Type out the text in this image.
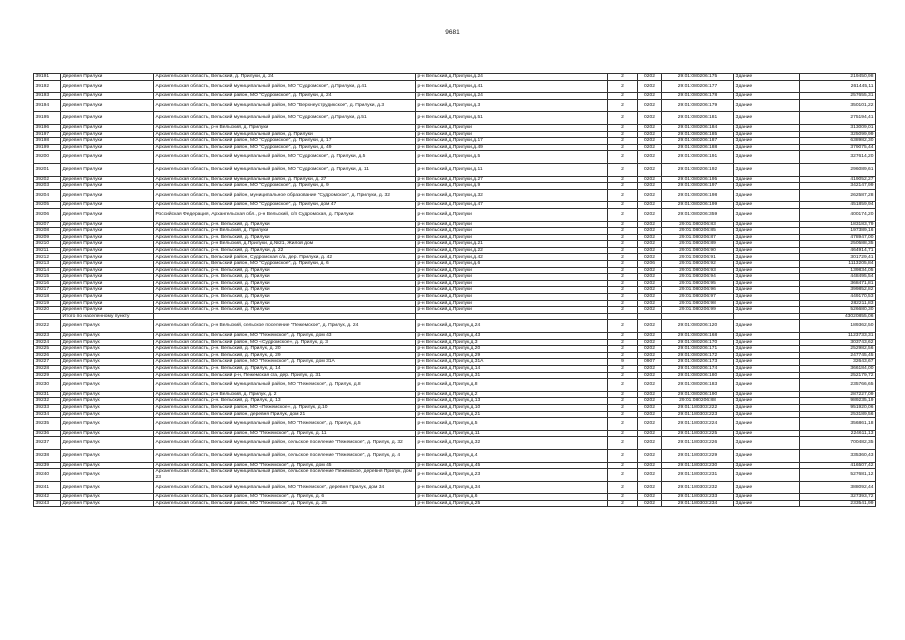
9681
39191	Деревня Прилуки	Архангельская область, Вельский, д. Прилуки, д. 24	р-н Вельский,д.Прилуки,д.24	2	0202	29:01:080206:175	Здание	219450,98
39192	Деревня Прилуки	Архангельская область, Вельский муниципальный район, МО "Судромское", д.Прилуки, д.41	р-н Вельский,д.Прилуки,д.41	2	0202	29:01:080206:177	Здание	261445,11
39193	Деревня Прилуки	Архангельская область, Вельский район, МО "Судромское", д. Прилуки, д. 24	р-н Вельский,д.Прилуки,д.24	2	0202	29:01:080206:178	Здание	257655,31
39194	Деревня Прилуки	Архангельская область, Вельский муниципальный район, МО "Верхнеуструдикское", д. Прилуки, д.3	р-н Вельский,д.Прилуки,д.3	2	0202	29:01:080206:179	Здание	350101,22
39195	Деревня Прилуки	Архангельская область, Вельский муниципальный район, МО "Судромское", д.Прилуки, д.51	р-н Вельский,д.Прилуки,д.51	2	0202	29:01:080206:181	Здание	275194,41
39196	Деревня Прилуки	Архангельская область, р-н Вельский, д. Прилуки	р-н Вельский,д.Прилуки	2	0202	29:01:080206:184	Здание	313009,01
39197	Деревня Прилуки	Архангельская область, Вельский муниципальный район, д. Прилуки	р-н Вельский,д.Прилуки	2	0202	29:01:080206:185	Здание	325099,99
39198	Деревня Прилуки	Архангельская область, Вельский район, МО "Судромское", д. Прилуки, д. 17	р-н Вельский,д.Прилуки,д.17	2	0202	29:01:080206:187	Здание	638982,30
39199	Деревня Прилуки	Архангельская область, Вельский район, МО "Судромское", д. Прилуки, д. 49	р-н Вельский,д.Прилуки,д.49	2	0202	29:01:080206:188	Здание	379075,44
39200	Деревня Прилуки	Архангельская область, Вельский муниципальный район, МО "Судромское", д. Прилуки, д.5	р-н Вельский,д.Прилуки,д.5	2	0202	29:01:080206:191	Здание	327614,20
39201	Деревня Прилуки	Архангельская область, Вельский муниципальный район, МО "Судромское", д. Прилуки, д. 11	р-н Вельский,д.Прилуки,д.11	2	0202	29:01:080206:192	Здание	296089,61
39202	Деревня Прилуки	Архангельская область, Вельский муниципальный район, д. Прилуки, д. 27	р-н Вельский,д.Прилуки,д.27	2	0202	29:01:080206:195	Здание	419052,27
39203	Деревня Прилуки	Архангельская область, Вельский район, МО "Судромское", д. Прилуки, д. 9	р-н Вельский,д.Прилуки,д.9	2	0202	29:01:080206:197	Здание	342147,99
39204	Деревня Прилуки	Архангельская область, Вельский район, муниципальное образование "Судромское", д. Прилуки, д. 32	р-н Вельский,д.Прилуки,д.32	2	0202	29:01:080206:198	Здание	262587,28
39205	Деревня Прилуки	Архангельская область, Вельский район, МО "Судромское", д. Прилуки, дом 47	р-н Вельский,д.Прилуки,д.47	2	0202	29:01:080206:199	Здание	451859,94
39206	Деревня Прилуки	Российская Федерация, Архангельская обл., р-н Вельский, с/п Судромская, д. Прилуки	р-н Вельский,д.Прилуки	2	0202	29:01:080206:359	Здание	400174,20
39207	Деревня Прилуки	Архангельская область, р-н. Вельский, д. Прилуки	р-н Вельский,д.Прилуки	2	0202	29:01:080206:83	Здание	183183,79
39208	Деревня Прилуки	Архангельская область, р-н Вельский, д. Прилуки	р-н Вельский,д.Прилуки	2	0202	29:01:080206:85	Здание	197389,16
39209	Деревня Прилуки	Архангельская область, р-н. Вельский, д. Прилуки	р-н Вельский,д.Прилуки	2	0202	29:01:080206:87	Здание	478947,00
39210	Деревня Прилуки	Архангельская область, р-н Вельский, д.Прилуки, д.№21, Жилой дом	р-н Вельский,д.Прилуки,д.21	2	0202	29:01:080206:89	Здание	250588,35
39211	Деревня Прилуки	Архангельская область, р-н. Вельский, д. Прилуки, д. 22	р-н Вельский,д.Прилуки,д.22	2	0202	29:01:080206:90	Здание	464914,71
39212	Деревня Прилуки	Архангельская область, Вельский район, Судромская с/а, дер. Прилуки, д. 42	р-н Вельский,д.Прилуки,д.42	2	0202	29:01:080206:91	Здание	301729,41
39213	Деревня Прилуки	Архангельская область, Вельский район, МО "Судромское", д. Прилуки, д. 6	р-н Вельский,д.Прилуки,д.6	2	0206	29:01:080206:92	Здание	1113205,84
39214	Деревня Прилуки	Архангельская область, р-н. Вельский, д. Прилуки	р-н Вельский,д.Прилуки	2	0202	29:01:080206:93	Здание	139834,05
39215	Деревня Прилуки	Архангельская область, р-н. Вельский, д. Прилуки	р-н Вельский,д.Прилуки	2	0202	29:01:080206:94	Здание	448495,54
39216	Деревня Прилуки	Архангельская область, р-н. Вельский, д. Прилуки	р-н Вельский,д.Прилуки	2	0202	29:01:080206:95	Здание	368471,81
39217	Деревня Прилуки	Архангельская область, р-н. Вельский, д. Прилуки	р-н Вельский,д.Прилуки	2	0202	29:01:080206:96	Здание	399852,82
39218	Деревня Прилуки	Архангельская область, р-н. Вельский, д. Прилуки	р-н Вельский,д.Прилуки	2	0202	29:01:080206:97	Здание	449170,53
39219	Деревня Прилуки	Архангельская область, р-н. Вельский, д. Прилуки	р-н Вельский,д.Прилуки	2	0202	29:01:080206:98	Здание	282211,83
39220	Деревня Прилуки	Архангельская область, р-н. Вельский, д. Прилуки	р-н Вельский,д.Прилуки	2	0202	29:01:080206:99	Здание	526680,30
	Итого по населенному пункту							43020855,06
39222	Деревня Прилук	Архангельская область, р-н Вельский, сельское поселение "Пежемское", д. Прилук, д. 24	р-н Вельский,д.Прилук,д.24	2	0202	29:01:080206:120	Здание	189362,50
39223	Деревня Прилук	Архангельская область, Вельский район, МО "Пежемское", д. Прилук, дом 43	р-н Вельский,д.Прилук,д.43	2	0202	29:01:080206:168	Здание	1123733,31
39224	Деревня Прилук	Архангельская область, Вельский район, МО «Судромское», д. Прилук, д. 3	р-н Вельский,д.Прилук,д.3	2	0202	29:01:080206:170	Здание	303743,62
39225	Деревня Прилук	Архангельская область, р-н. Вельский, д. Прилук, д. 20	р-н Вельский,д.Прилук,д.20	2	0202	29:01:080206:171	Здание	252982,56
39226	Деревня Прилук	Архангельская область, р-н. Вельский, д. Прилук, д. 29	р-н Вельский,д.Прилук,д.29	2	0202	29:01:080206:172	Здание	247745,45
39227	Деревня Прилук	Архангельская область, Вельский район, МО "Пежемское", д. Прилук, дом 31А	р-н Вельский,д.Прилук,д.31А	9	0907	29:01:080206:173	Здание	32643,67
39228	Деревня Прилук	Архангельская область, р-н. Вельский, д. Прилук, д. 14	р-н Вельский,д.Прилук,д.14	2	0202	29:01:080206:174	Здание	366184,00
39229	Деревня Прилук	Архангельская область, Вельский р-н, Пежемская с/а, дер. Прилук, д. 31	р-н Вельский,д.Прилук,д.31	2	0202	29:01:080206:180	Здание	252179,72
39230	Деревня Прилук	Архангельская область, Вельский муниципальный район, МО "Пежемское", д. Прилук, д.8	р-н Вельский,д.Прилук,д.8	2	0202	29:01:080206:183	Здание	235766,65
39231	Деревня Прилук	Архангельская область, р-н Вельский, д. Прилук, д. 2	р-н Вельский,д.Прилук,д.2	2	0202	29:01:080206:190	Здание	287227,09
39232	Деревня Прилук	Архангельская область, р-н. Вельский, д. Прилук, д. 13	р-н Вельский,д.Прилук,д.13	2	0202	29:01:080206:88	Здание	989235,19
39233	Деревня Прилук	Архангельская область, Вельский район, МО «Пежемское», д. Прилук, д.10	р-н Вельский,д.Прилук,д.10	2	0202	29:01:180303:222	Здание	951920,06
39234	Деревня Прилук	Архангельская область, Вельский район, деревня Прилук, дом 21	р-н Вельский,д.Прилук,д.21	2	0202	29:01:180303:223	Здание	253189,56
39235	Деревня Прилук	Архангельская область, Вельский муниципальный район, МО "Пежемское", д. Прилук, д.5	р-н Вельский,д.Прилук,д.5	2	0202	29:01:180303:224	Здание	356861,18
39236	Деревня Прилук	Архангельская область, Вельский район, МО "Пежемское", д. Прилук, д. 11	р-н Вельский,д.Прилук,д.11	2	0202	29:01:180303:225	Здание	224611,13
39237	Деревня Прилук	Архангельская область, Вельский муниципальный район, сельское поселение "Пежемское", д. Прилук, д. 32	р-н Вельский,д.Прилук,д.32	2	0202	29:01:180303:226	Здание	700482,35
39238	Деревня Прилук	Архангельская область, Вельский муниципальный район, сельское поселение "Пежемское", д. Прилук, д. 4	р-н Вельский,д.Прилук,д.4	2	0202	29:01:180303:229	Здание	335360,43
39239	Деревня Прилук	Архангельская область, Вельский район, МО "Пежемское", д. Прилук, дом 45	р-н Вельский,д.Прилук,д.45	2	0202	29:01:180303:230	Здание	416507,42
39240	Деревня Прилук	Архангельская область, Вельский муниципальный район, сельское поселение Пежемское, деревня Прилук, дом 23	р-н Вельский,д.Прилук,д.23	2	0202	29:01:180303:231	Здание	527681,12
39241	Деревня Прилук	Архангельская область, Вельский муниципальный район, МО "Пежемское", деревня Прилук, дом 34	р-н Вельский,д.Прилук,д.34	2	0202	29:01:180303:232	Здание	388092,44
39242	Деревня Прилук	Архангельская область, Вельский район, МО "Пежемское", д. Прилук, д. 6	р-н Вельский,д.Прилук,д.6	2	0202	29:01:180303:233	Здание	327393,72
39243	Деревня Прилук	Архангельская область, Вельский район, МО "Пежемское", д. Прилук, д. 25	р-н Вельский,д.Прилук,д.25	2	0202	29:01:180303:234	Здание	233541,99
